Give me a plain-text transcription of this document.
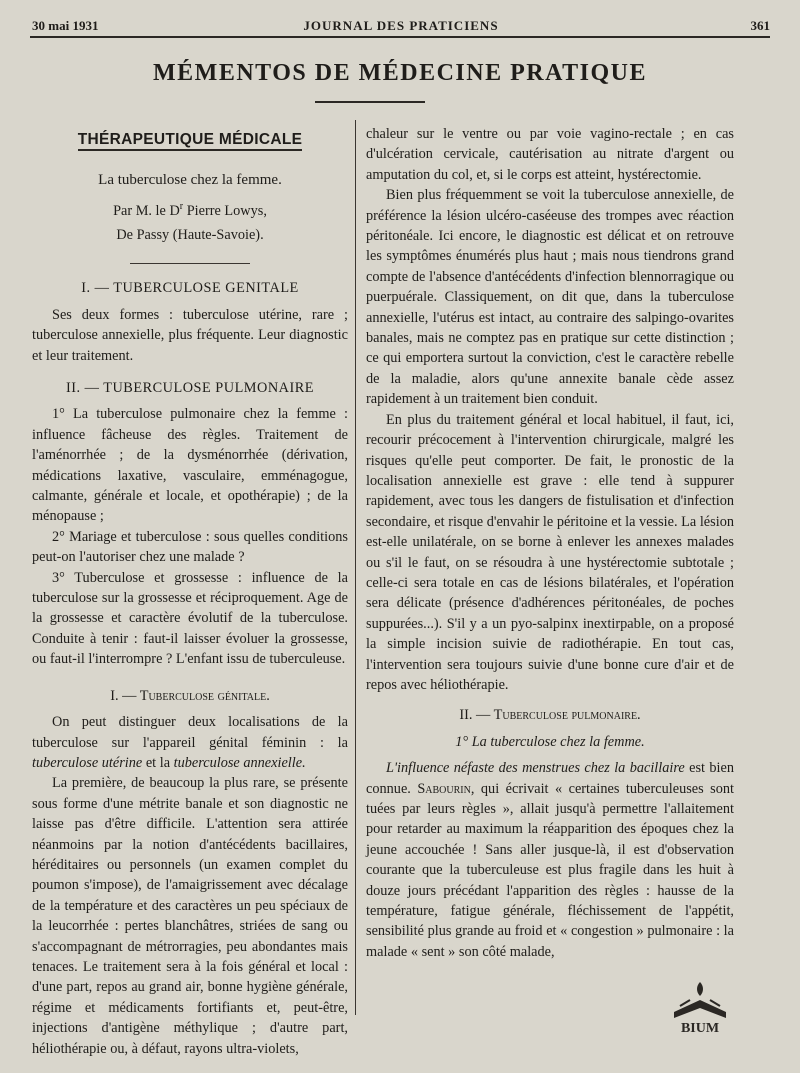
30 mai 1931	JOURNAL DES PRATICIENS	361
MÉMENTOS DE MÉDECINE PRATIQUE
THÉRAPEUTIQUE MÉDICALE

La tuberculose chez la femme.

Par M. le $D^r$ Pierre Lowys,

De Passy (Haute-Savoie).

I. — TUBERCULOSE GENITALE

Ses deux formes : tuberculose utérine, rare ; tuberculose annexielle, plus fréquente. Leur diagnostic et leur traitement.

II. — TUBERCULOSE PULMONAIRE

1° La tuberculose pulmonaire chez la femme : influence fâcheuse des règles. Traitement de l'aménorrhée ; de la dysménorrhée (dérivation, médications laxative, vasculaire, emménagogue, calmante, générale et locale, et opothérapie) ; de la ménopause ;

2° Mariage et tuberculose : sous quelles conditions peut-on l'autoriser chez une malade ?

3° Tuberculose et grossesse : influence de la tuberculose sur la grossesse et réciproquement. Age de la grossesse et caractère évolutif de la tuberculose. Conduite à tenir : faut-il laisser évoluer la grossesse, ou faut-il l'interrompre ? L'enfant issu de tuberculeuse.

I. — Tuberculose génitale.

On peut distinguer deux localisations de la tuberculose sur l'appareil génital féminin : la tuberculose utérine et la tuberculose annexielle.

La première, de beaucoup la plus rare, se présente sous forme d'une métrite banale et son diagnostic ne laisse pas d'être difficile. L'attention sera attirée néanmoins par la notion d'antécédents bacillaires, héréditaires ou personnels (un examen complet du poumon s'impose), de l'amaigrissement avec décalage de la température et des caractères un peu spéciaux de la leucorrhée : pertes blanchâtres, striées de sang ou s'accompagnant de métrorragies, peu abondantes mais tenaces. Le traitement sera à la fois général et local : d'une part, repos au grand air, bonne hygiène générale, régime et médicaments fortifiants et, peut-être, injections d'antigène méthylique ; d'autre part, héliothérapie ou, à défaut, rayons ultra-violets,

chaleur sur le ventre ou par voie vagino-rectale ; en cas d'ulcération cervicale, cautérisation au nitrate d'argent ou amputation du col, et, si le corps est atteint, hystérectomie.

Bien plus fréquemment se voit la tuberculose annexielle, de préférence la lésion ulcéro-caséeuse des trompes avec réaction péritonéale. Ici encore, le diagnostic est délicat et on retrouve les symptômes énumérés plus haut ; mais nous tiendrons grand compte de l'absence d'antécédents d'infection blennorragique ou puerpuérale. Classiquement, on dit que, dans la tuberculose annexielle, l'utérus est intact, au contraire des salpingo-ovarites banales, mais ne comptez pas en pratique sur cette distinction ; ce qui emportera surtout la conviction, c'est le caractère rebelle de la maladie, alors qu'une annexite banale cède assez rapidement à un traitement bien conduit.

En plus du traitement général et local habituel, il faut, ici, recourir précocement à l'intervention chirurgicale, malgré les risques qu'elle peut comporter. De fait, le pronostic de la localisation annexielle est grave : elle tend à suppurer rapidement, avec tous les dangers de fistulisation et d'infection secondaire, et risque d'envahir le péritoine et la vessie. La lésion est-elle unilatérale, on se borne à enlever les annexes malades ou s'il le faut, on se résoudra à une hystérectomie subtotale ; celle-ci sera totale en cas de lésions bilatérales, et l'opération sera délicate (présence d'adhérences péritonéales, de poches suppurées...). S'il y a un pyo-salpinx inextirpable, on a proposé la simple incision suivie de radiothérapie. En tout cas, l'intervention sera toujours suivie d'une bonne cure d'air et de repos avec héliothérapie.

II. — Tuberculose pulmonaire.

1° La tuberculose chez la femme.

L'influence néfaste des menstrues chez la bacillaire est bien connue. Sabourin, qui écrivait « certaines tuberculeuses sont tuées par leurs règles », allait jusqu'à permettre l'allaitement pour retarder au maximum la réapparition des époques chez la jeune accouchée ! Sans aller jusque-là, il est d'observation courante que la tuberculeuse est plus fragile dans les huit à douze jours précédant l'apparition des règles : hausse de la température, fatigue générale, fléchissement de l'appétit, sensibilité plus grande au froid et « congestion » pulmonaire : la malade « sent » son côté malade,

BIUM
